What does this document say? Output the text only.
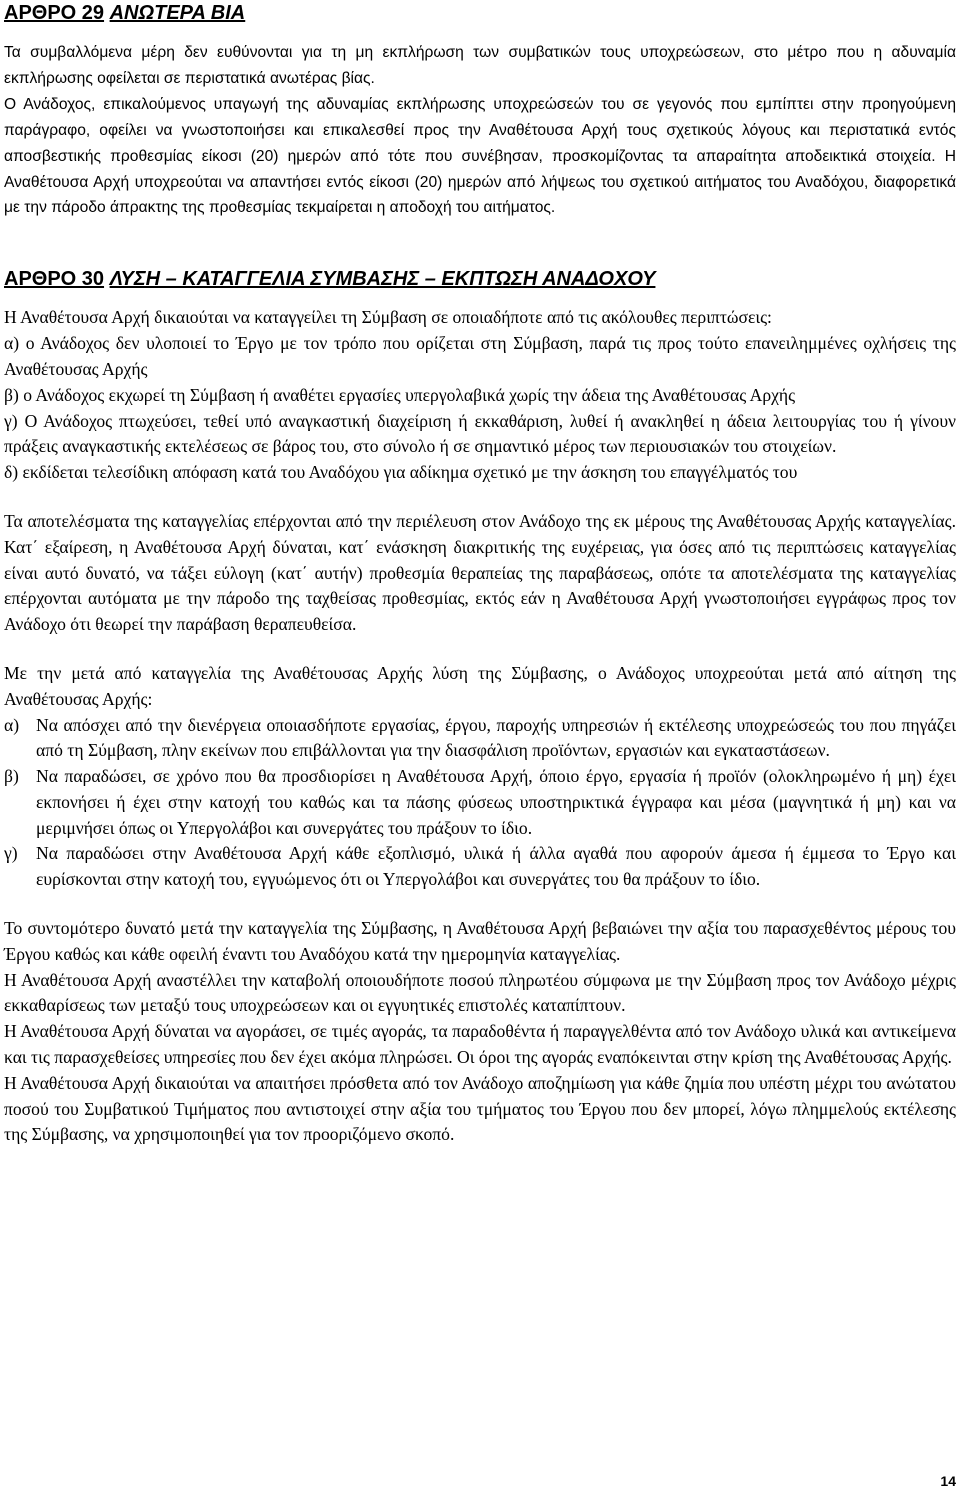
ΑΡΘΡΟ 29 ΑΝΩΤΕΡΑ ΒΙΑ

Τα συμβαλλόμενα μέρη δεν ευθύνονται για τη μη εκπλήρωση των συμβατικών τους υποχρεώσεων, στο μέτρο που η αδυναμία εκπλήρωσης οφείλεται σε περιστατικά ανωτέρας βίας.

Ο Ανάδοχος, επικαλούμενος υπαγωγή της αδυναμίας εκπλήρωσης υποχρεώσεών του σε γεγονός που εμπίπτει στην προηγούμενη παράγραφο, οφείλει να γνωστοποιήσει και επικαλεσθεί προς την Αναθέτουσα Αρχή τους σχετικούς λόγους και περιστατικά εντός αποσβεστικής προθεσμίας είκοσι (20) ημερών από τότε που συνέβησαν, προσκομίζοντας τα απαραίτητα αποδεικτικά στοιχεία. Η Αναθέτουσα Αρχή υποχρεούται να απαντήσει εντός είκοσι (20) ημερών από λήψεως του σχετικού αιτήματος του Αναδόχου, διαφορετικά με την πάροδο άπρακτης της προθεσμίας τεκμαίρεται η αποδοχή του αιτήματος.

ΑΡΘΡΟ 30 ΛΥΣΗ – ΚΑΤΑΓΓΕΛΙΑ ΣΥΜΒΑΣΗΣ – ΕΚΠΤΩΣΗ ΑΝΑΔΟΧΟΥ

Η Αναθέτουσα Αρχή δικαιούται να καταγγείλει τη Σύμβαση σε οποιαδήποτε από τις ακόλουθες περιπτώσεις:

α) ο Ανάδοχος δεν υλοποιεί το Έργο με τον τρόπο που ορίζεται στη Σύμβαση, παρά τις προς τούτο επανειλημμένες οχλήσεις της Αναθέτουσας Αρχής

β) ο Ανάδοχος εκχωρεί τη Σύμβαση ή αναθέτει εργασίες υπεργολαβικά χωρίς την άδεια της Αναθέτουσας Αρχής

γ) Ο Ανάδοχος πτωχεύσει, τεθεί υπό αναγκαστική διαχείριση ή εκκαθάριση, λυθεί ή ανακληθεί η άδεια λειτουργίας του ή γίνουν πράξεις αναγκαστικής εκτελέσεως σε βάρος του, στο σύνολο ή σε σημαντικό μέρος των περιουσιακών του στοιχείων.

δ) εκδίδεται τελεσίδικη απόφαση κατά του Αναδόχου για αδίκημα σχετικό με την άσκηση του επαγγέλματός του

Τα αποτελέσματα της καταγγελίας επέρχονται από την περιέλευση στον Ανάδοχο της εκ μέρους της Αναθέτουσας Αρχής καταγγελίας. Κατ΄ εξαίρεση, η Αναθέτουσα Αρχή δύναται, κατ΄ ενάσκηση διακριτικής της ευχέρειας, για όσες από τις περιπτώσεις καταγγελίας είναι αυτό δυνατό, να τάξει εύλογη (κατ΄ αυτήν) προθεσμία θεραπείας της παραβάσεως, οπότε τα αποτελέσματα της καταγγελίας επέρχονται αυτόματα με την πάροδο της ταχθείσας προθεσμίας, εκτός εάν η Αναθέτουσα Αρχή γνωστοποιήσει εγγράφως προς τον Ανάδοχο ότι θεωρεί την παράβαση θεραπευθείσα.

Με την μετά από καταγγελία της Αναθέτουσας Αρχής λύση της Σύμβασης, ο Ανάδοχος υποχρεούται μετά από αίτηση της Αναθέτουσας Αρχής:

α) Να απόσχει από την διενέργεια οποιασδήποτε εργασίας, έργου, παροχής υπηρεσιών ή εκτέλεσης υποχρεώσεώς του που πηγάζει από τη Σύμβαση, πλην εκείνων που επιβάλλονται για την διασφάλιση προϊόντων, εργασιών και εγκαταστάσεων.
β) Να παραδώσει, σε χρόνο που θα προσδιορίσει η Αναθέτουσα Αρχή, όποιο έργο, εργασία ή προϊόν (ολοκληρωμένο ή μη) έχει εκπονήσει ή έχει στην κατοχή του καθώς και τα πάσης φύσεως υποστηρικτικά έγγραφα και μέσα (μαγνητικά ή μη) και να μεριμνήσει όπως οι Υπεργολάβοι και συνεργάτες του πράξουν το ίδιο.
γ)	Να παραδώσει στην Αναθέτουσα Αρχή κάθε εξοπλισμό, υλικά ή άλλα αγαθά που αφορούν άμεσα ή έμμεσα το Έργο και ευρίσκονται στην κατοχή του, εγγυώμενος ότι οι Υπεργολάβοι και συνεργάτες του θα πράξουν το ίδιο.

Το συντομότερο δυνατό μετά την καταγγελία της Σύμβασης, η Αναθέτουσα Αρχή βεβαιώνει την αξία του παρασχεθέντος μέρους του Έργου καθώς και κάθε οφειλή έναντι του Αναδόχου κατά την ημερομηνία καταγγελίας.

Η Αναθέτουσα Αρχή αναστέλλει την καταβολή οποιουδήποτε ποσού πληρωτέου σύμφωνα με την Σύμβαση προς τον Ανάδοχο μέχρις εκκαθαρίσεως των μεταξύ τους υποχρεώσεων και οι εγγυητικές επιστολές καταπίπτουν.

Η Αναθέτουσα Αρχή δύναται να αγοράσει, σε τιμές αγοράς, τα παραδοθέντα ή παραγγελθέντα από τον Ανάδοχο υλικά και αντικείμενα και τις παρασχεθείσες υπηρεσίες που δεν έχει ακόμα πληρώσει. Οι όροι της αγοράς εναπόκεινται στην κρίση της Αναθέτουσας Αρχής.

Η Αναθέτουσα Αρχή δικαιούται να απαιτήσει πρόσθετα από τον Ανάδοχο αποζημίωση για κάθε ζημία που υπέστη μέχρι του ανώτατου ποσού του Συμβατικού Τιμήματος που αντιστοιχεί στην αξία του τμήματος του Έργου που δεν μπορεί, λόγω πλημμελούς εκτέλεσης της Σύμβασης, να χρησιμοποιηθεί για τον προοριζόμενο σκοπό.

14
